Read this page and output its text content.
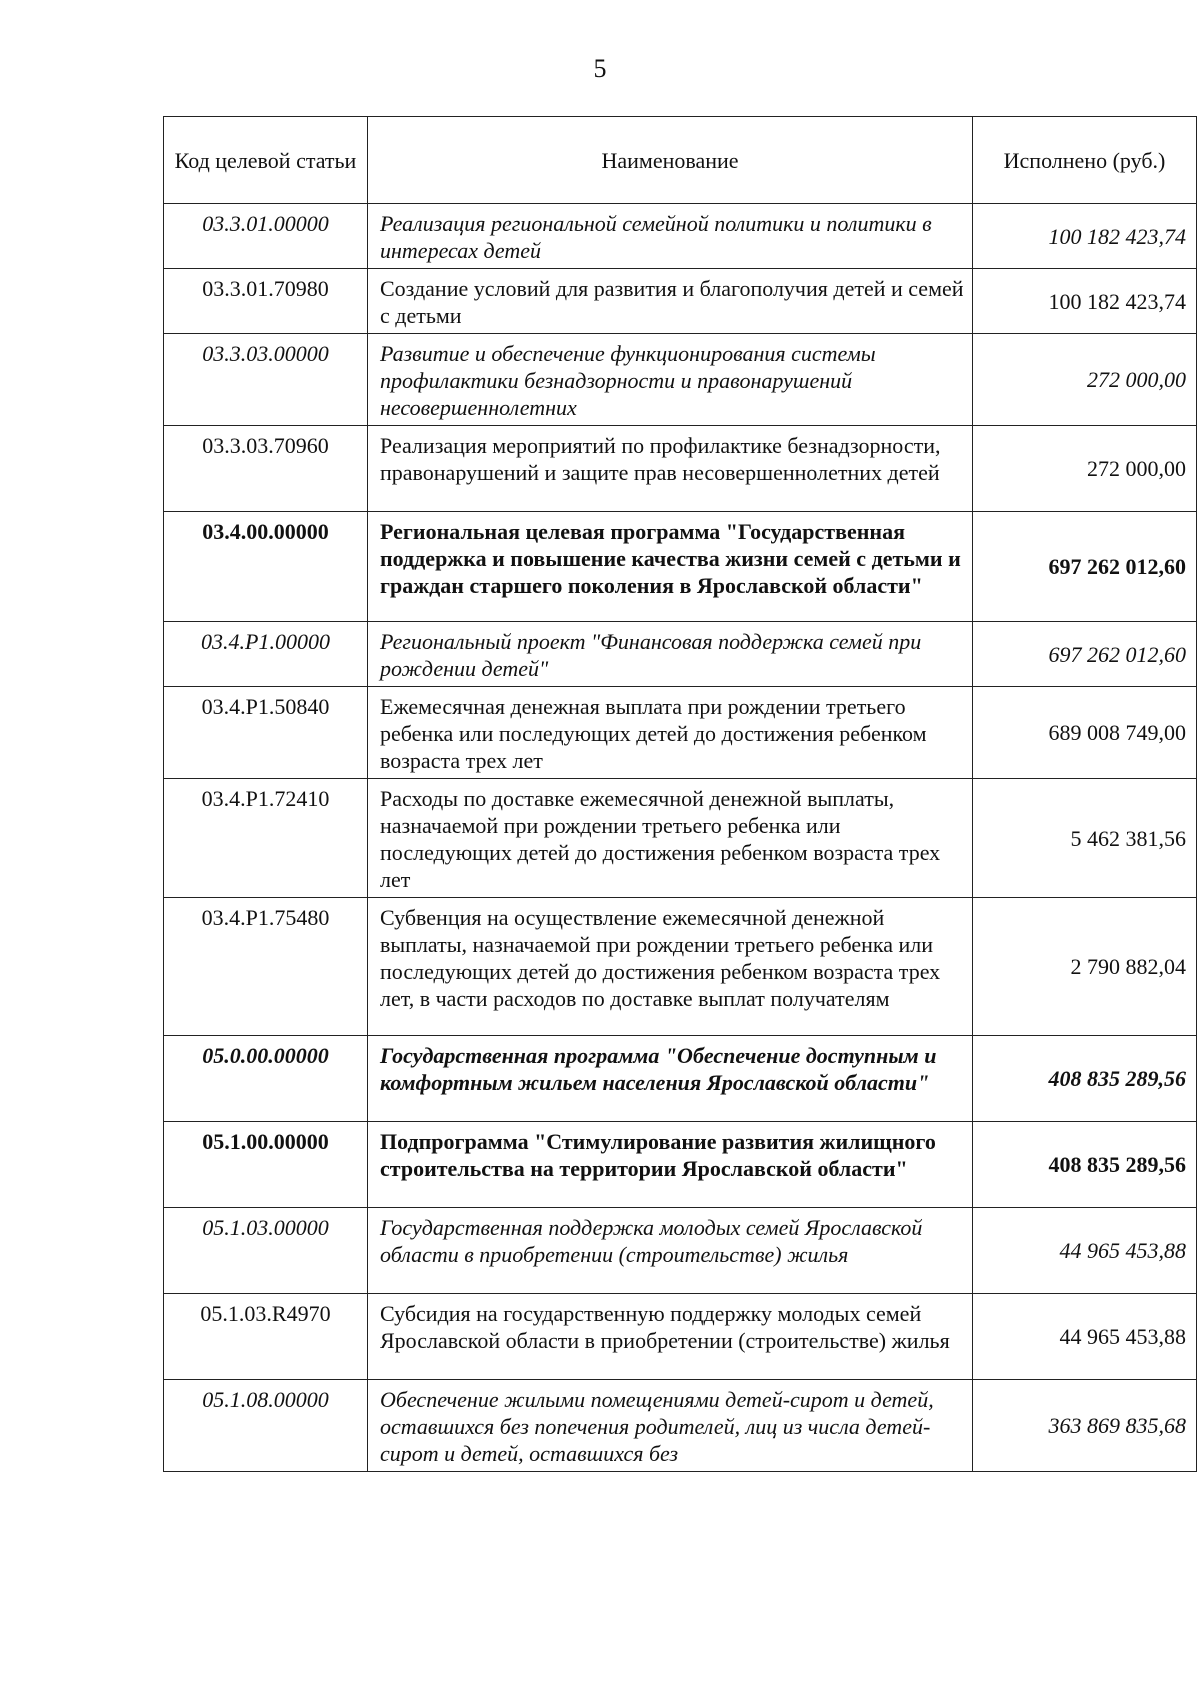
5
Код целевой статьи	Наименование	Исполнено (руб.)
03.3.01.00000	Реализация региональной семейной политики и политики в интересах детей	100 182 423,74
03.3.01.70980	Создание условий для развития и благополучия детей и семей с детьми	100 182 423,74
03.3.03.00000	Развитие и обеспечение функционирования системы профилактики безнадзорности и правонарушений несовершеннолетних	272 000,00
03.3.03.70960	Реализация мероприятий по профилактике безнадзорности, правонарушений и защите прав несовершеннолетних детей	272 000,00
03.4.00.00000	Региональная целевая программа "Государственная поддержка и повышение качества жизни семей с детьми и граждан старшего поколения в Ярославской области"	697 262 012,60
03.4.P1.00000	Региональный проект "Финансовая поддержка семей при рождении детей"	697 262 012,60
03.4.P1.50840	Ежемесячная денежная выплата при рождении третьего ребенка или последующих детей до достижения ребенком возраста трех лет	689 008 749,00
03.4.P1.72410	Расходы по доставке ежемесячной денежной выплаты, назначаемой при рождении третьего ребенка или последующих детей до достижения ребенком возраста трех лет	5 462 381,56
03.4.P1.75480	Субвенция на осуществление ежемесячной денежной выплаты, назначаемой при рождении третьего ребенка или последующих детей до достижения ребенком возраста трех лет, в части расходов по доставке выплат получателям	2 790 882,04
05.0.00.00000	Государственная программа "Обеспечение доступным и комфортным жильем населения Ярославской области"	408 835 289,56
05.1.00.00000	Подпрограмма "Стимулирование развития жилищного строительства на территории Ярославской области"	408 835 289,56
05.1.03.00000	Государственная поддержка молодых семей Ярославской области в приобретении (строительстве) жилья	44 965 453,88
05.1.03.R4970	Субсидия на государственную поддержку молодых семей Ярославской области в приобретении (строительстве) жилья	44 965 453,88
05.1.08.00000	Обеспечение жилыми помещениями детей-сирот и детей, оставшихся без попечения родителей, лиц из числа детей-сирот и детей, оставшихся без	363 869 835,68
